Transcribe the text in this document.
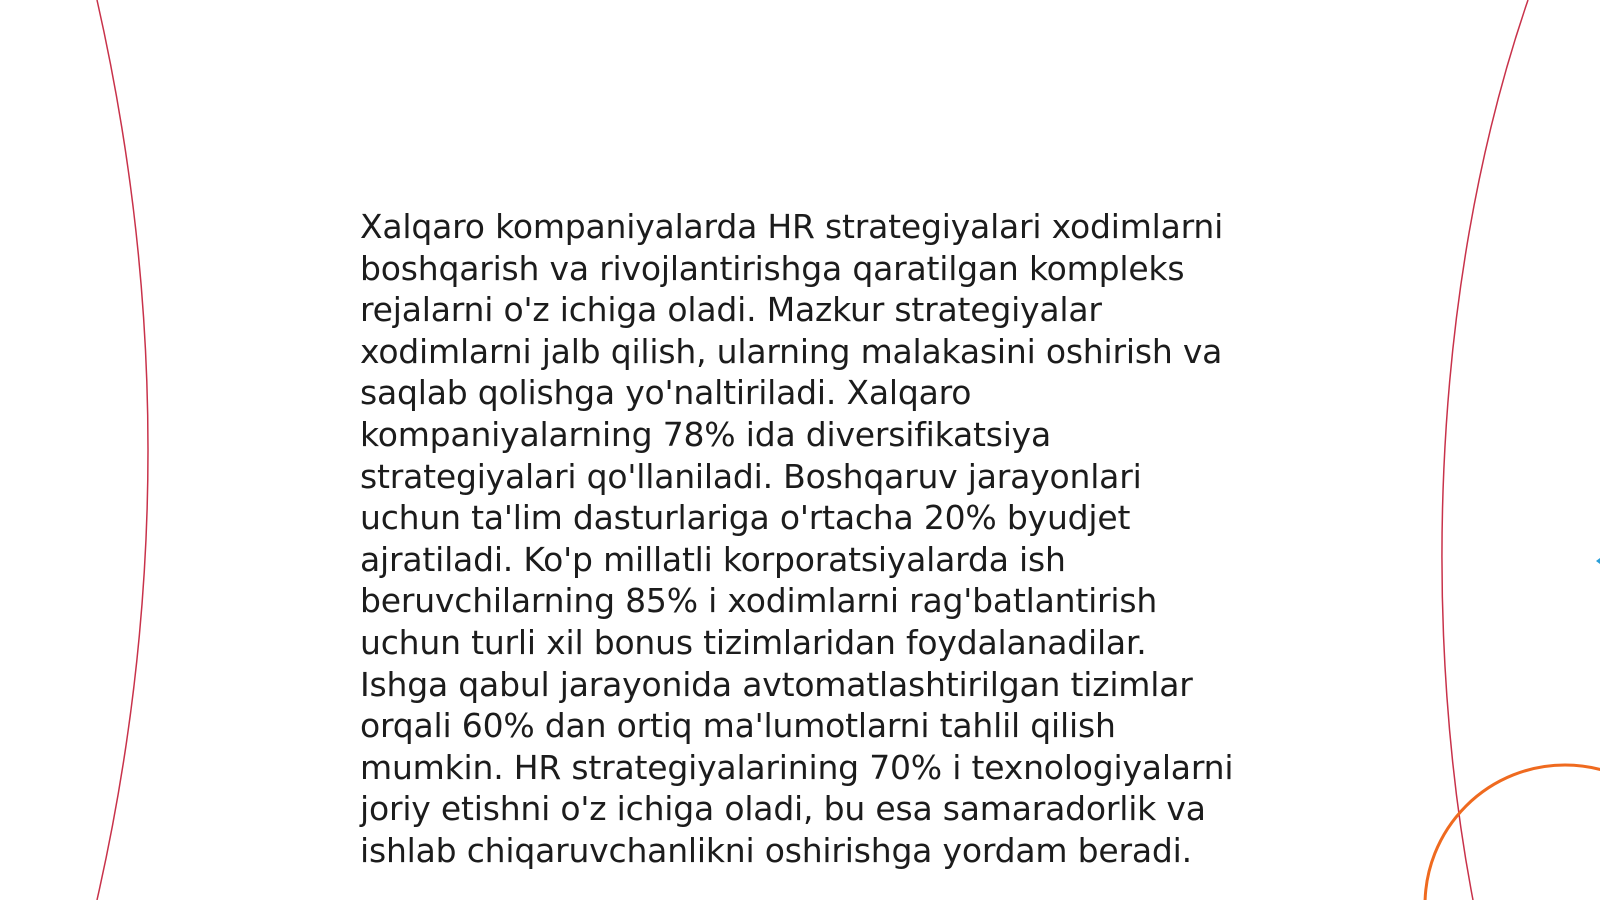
Xalqaro kompaniyalarda HR strategiyalari xodimlarni
boshqarish va rivojlantirishga qaratilgan kompleks
rejalarni o'z ichiga oladi. Mazkur strategiyalar
xodimlarni jalb qilish, ularning malakasini oshirish va
saqlab qolishga yo'naltiriladi. Xalqaro
kompaniyalarning 78% ida diversifikatsiya
strategiyalari qo'llaniladi. Boshqaruv jarayonlari
uchun ta'lim dasturlariga o'rtacha 20% byudjet
ajratiladi. Ko'p millatli korporatsiyalarda ish
beruvchilarning 85% i xodimlarni rag'batlantirish
uchun turli xil bonus tizimlaridan foydalanadilar.
Ishga qabul jarayonida avtomatlashtirilgan tizimlar
orqali 60% dan ortiq ma'lumotlarni tahlil qilish
mumkin. HR strategiyalarining 70% i texnologiyalarni
joriy etishni o'z ichiga oladi, bu esa samaradorlik va
ishlab chiqaruvchanlikni oshirishga yordam beradi.
